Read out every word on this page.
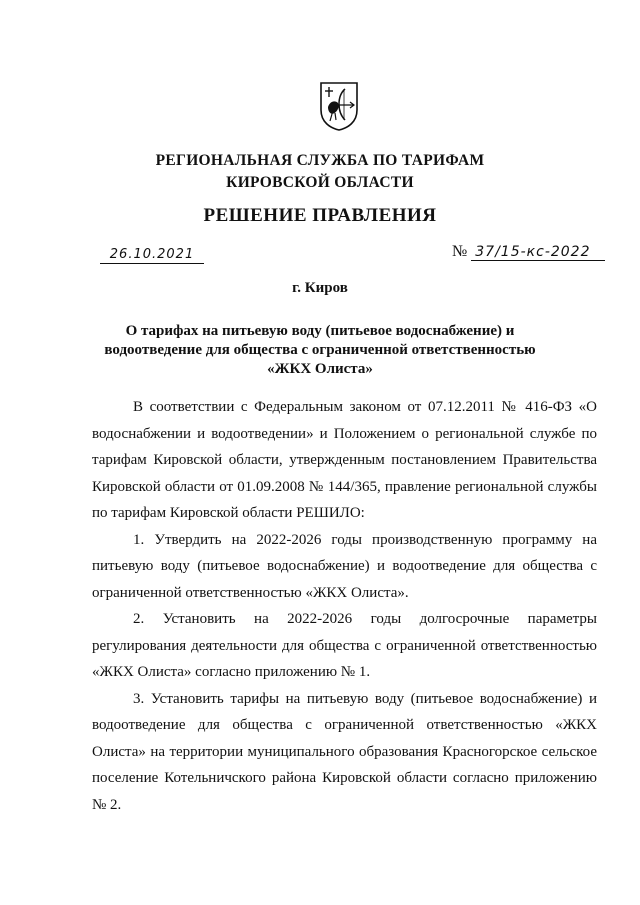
РЕГИОНАЛЬНАЯ СЛУЖБА ПО ТАРИФАМ
КИРОВСКОЙ ОБЛАСТИ
РЕШЕНИЕ ПРАВЛЕНИЯ
26.10.2021	№ 37/15-кс-2022
г. Киров
О тарифах на питьевую воду (питьевое водоснабжение) и
водоотведение для общества с ограниченной ответственностью
«ЖКХ Олиста»

В соответствии с Федеральным законом от 07.12.2011 № 416-ФЗ «О водоснабжении и водоотведении» и Положением о региональной службе по тарифам Кировской области, утвержденным постановлением Правительства Кировской области от 01.09.2008 № 144/365, правление региональной службы по тарифам Кировской области РЕШИЛО:

1. Утвердить на 2022-2026 годы производственную программу на питьевую воду (питьевое водоснабжение) и водоотведение для общества с ограниченной ответственностью «ЖКХ Олиста».

2. Установить на 2022-2026 годы долгосрочные параметры регулирования деятельности для общества с ограниченной ответственностью «ЖКХ Олиста» согласно приложению № 1.

3. Установить тарифы на питьевую воду (питьевое водоснабжение) и водоотведение для общества с ограниченной ответственностью «ЖКХ Олиста» на территории муниципального образования Красногорское сельское поселение Котельничского района Кировской области согласно приложению № 2.
